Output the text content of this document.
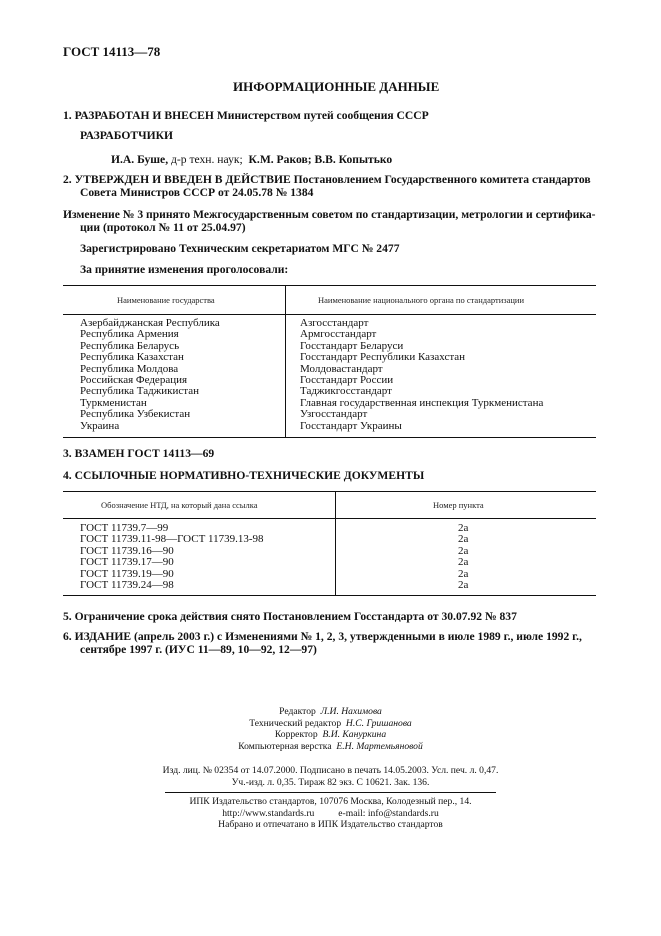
ГОСТ 14113—78
ИНФОРМАЦИОННЫЕ ДАННЫЕ
1. РАЗРАБОТАН И ВНЕСЕН Министерством путей сообщения СССР
РАЗРАБОТЧИКИ
И.А. Буше, д-р техн. наук; К.М. Раков; В.В. Копытько
2. УТВЕРЖДЕН И ВВЕДЕН В ДЕЙСТВИЕ Постановлением Государственного комитета стандартов
Совета Министров СССР от 24.05.78 № 1384
Изменение № 3 принято Межгосударственным советом по стандартизации, метрологии и сертифика-
ции (протокол № 11 от 25.04.97)
Зарегистрировано Техническим секретариатом МГС № 2477
За принятие изменения проголосовали:
Наименование государства	Наименование национального органа по стандартизации
Азербайджанская Республика	Азгосстандарт
Республика Армения	Армгосстандарт
Республика Беларусь	Госстандарт Беларуси
Республика Казахстан	Госстандарт Республики Казахстан
Республика Молдова	Молдовастандарт
Российская Федерация	Госстандарт России
Республика Таджикистан	Таджикгосстандарт
Туркменистан	Главная государственная инспекция Туркменистана
Республика Узбекистан	Узгосстандарт
Украина	Госстандарт Украины
3. ВЗАМЕН ГОСТ 14113—69
4. ССЫЛОЧНЫЕ НОРМАТИВНО-ТЕХНИЧЕСКИЕ ДОКУМЕНТЫ
Обозначение НТД, на который дана ссылка	Номер пункта
ГОСТ 11739.7—99	2а
ГОСТ 11739.11-98—ГОСТ 11739.13-98	2а
ГОСТ 11739.16—90	2а
ГОСТ 11739.17—90	2а
ГОСТ 11739.19—90	2а
ГОСТ 11739.24—98	2а
5. Ограничение срока действия снято Постановлением Госстандарта от 30.07.92 № 837
6. ИЗДАНИЕ (апрель 2003 г.) с Изменениями № 1, 2, 3, утвержденными в июле 1989 г., июле 1992 г.,
сентябре 1997 г. (ИУС 11—89, 10—92, 12—97)
Редактор Л.И. Нахимова
Технический редактор Н.С. Гришанова
Корректор В.И. Кануркина
Компьютерная верстка Е.Н. Мартемьяновой
Изд. лиц. № 02354 от 14.07.2000. Подписано в печать 14.05.2003. Усл. печ. л. 0,47.
Уч.-изд. л. 0,35. Тираж 82 экз. С 10621. Зак. 136.
ИПК Издательство стандартов, 107076 Москва, Колодезный пер., 14.
http://www.standards.ru e-mail: info@standards.ru
Набрано и отпечатано в ИПК Издательство стандартов
